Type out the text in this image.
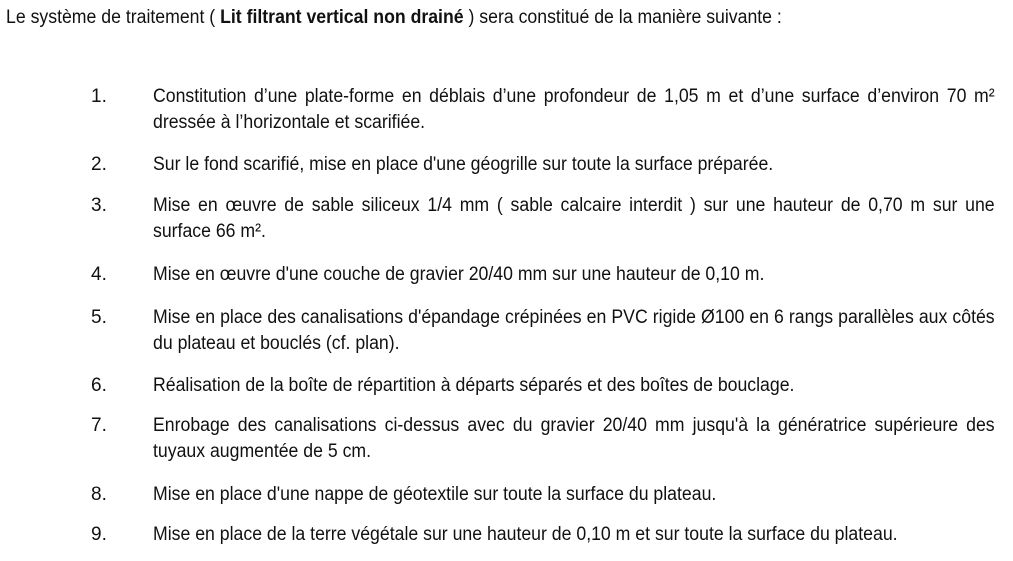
Le système de traitement ( Lit filtrant vertical non drainé ) sera constitué de la manière suivante :
1. Constitution d’une plate-forme en déblais d’une profondeur de 1,05 m et d’une surface d’environ 70 m² dressée à l’horizontale et scarifiée.
2. Sur le fond scarifié, mise en place d'une géogrille sur toute la surface préparée.
3. Mise en œuvre de sable siliceux 1/4 mm ( sable calcaire interdit ) sur une hauteur de 0,70 m sur une surface 66 m².
4. Mise en œuvre d'une couche de gravier 20/40 mm sur une hauteur de 0,10 m.
5. Mise en place des canalisations d'épandage crépinées en PVC rigide Ø100 en 6 rangs parallèles aux côtés du plateau et bouclés (cf. plan).
6. Réalisation de la boîte de répartition à départs séparés et des boîtes de bouclage.
7. Enrobage des canalisations ci-dessus avec du gravier 20/40 mm jusqu'à la génératrice supérieure des tuyaux augmentée de 5 cm.
8. Mise en place d'une nappe de géotextile sur toute la surface du plateau.
9. Mise en place de la terre végétale sur une hauteur de 0,10 m et sur toute la surface du plateau.
